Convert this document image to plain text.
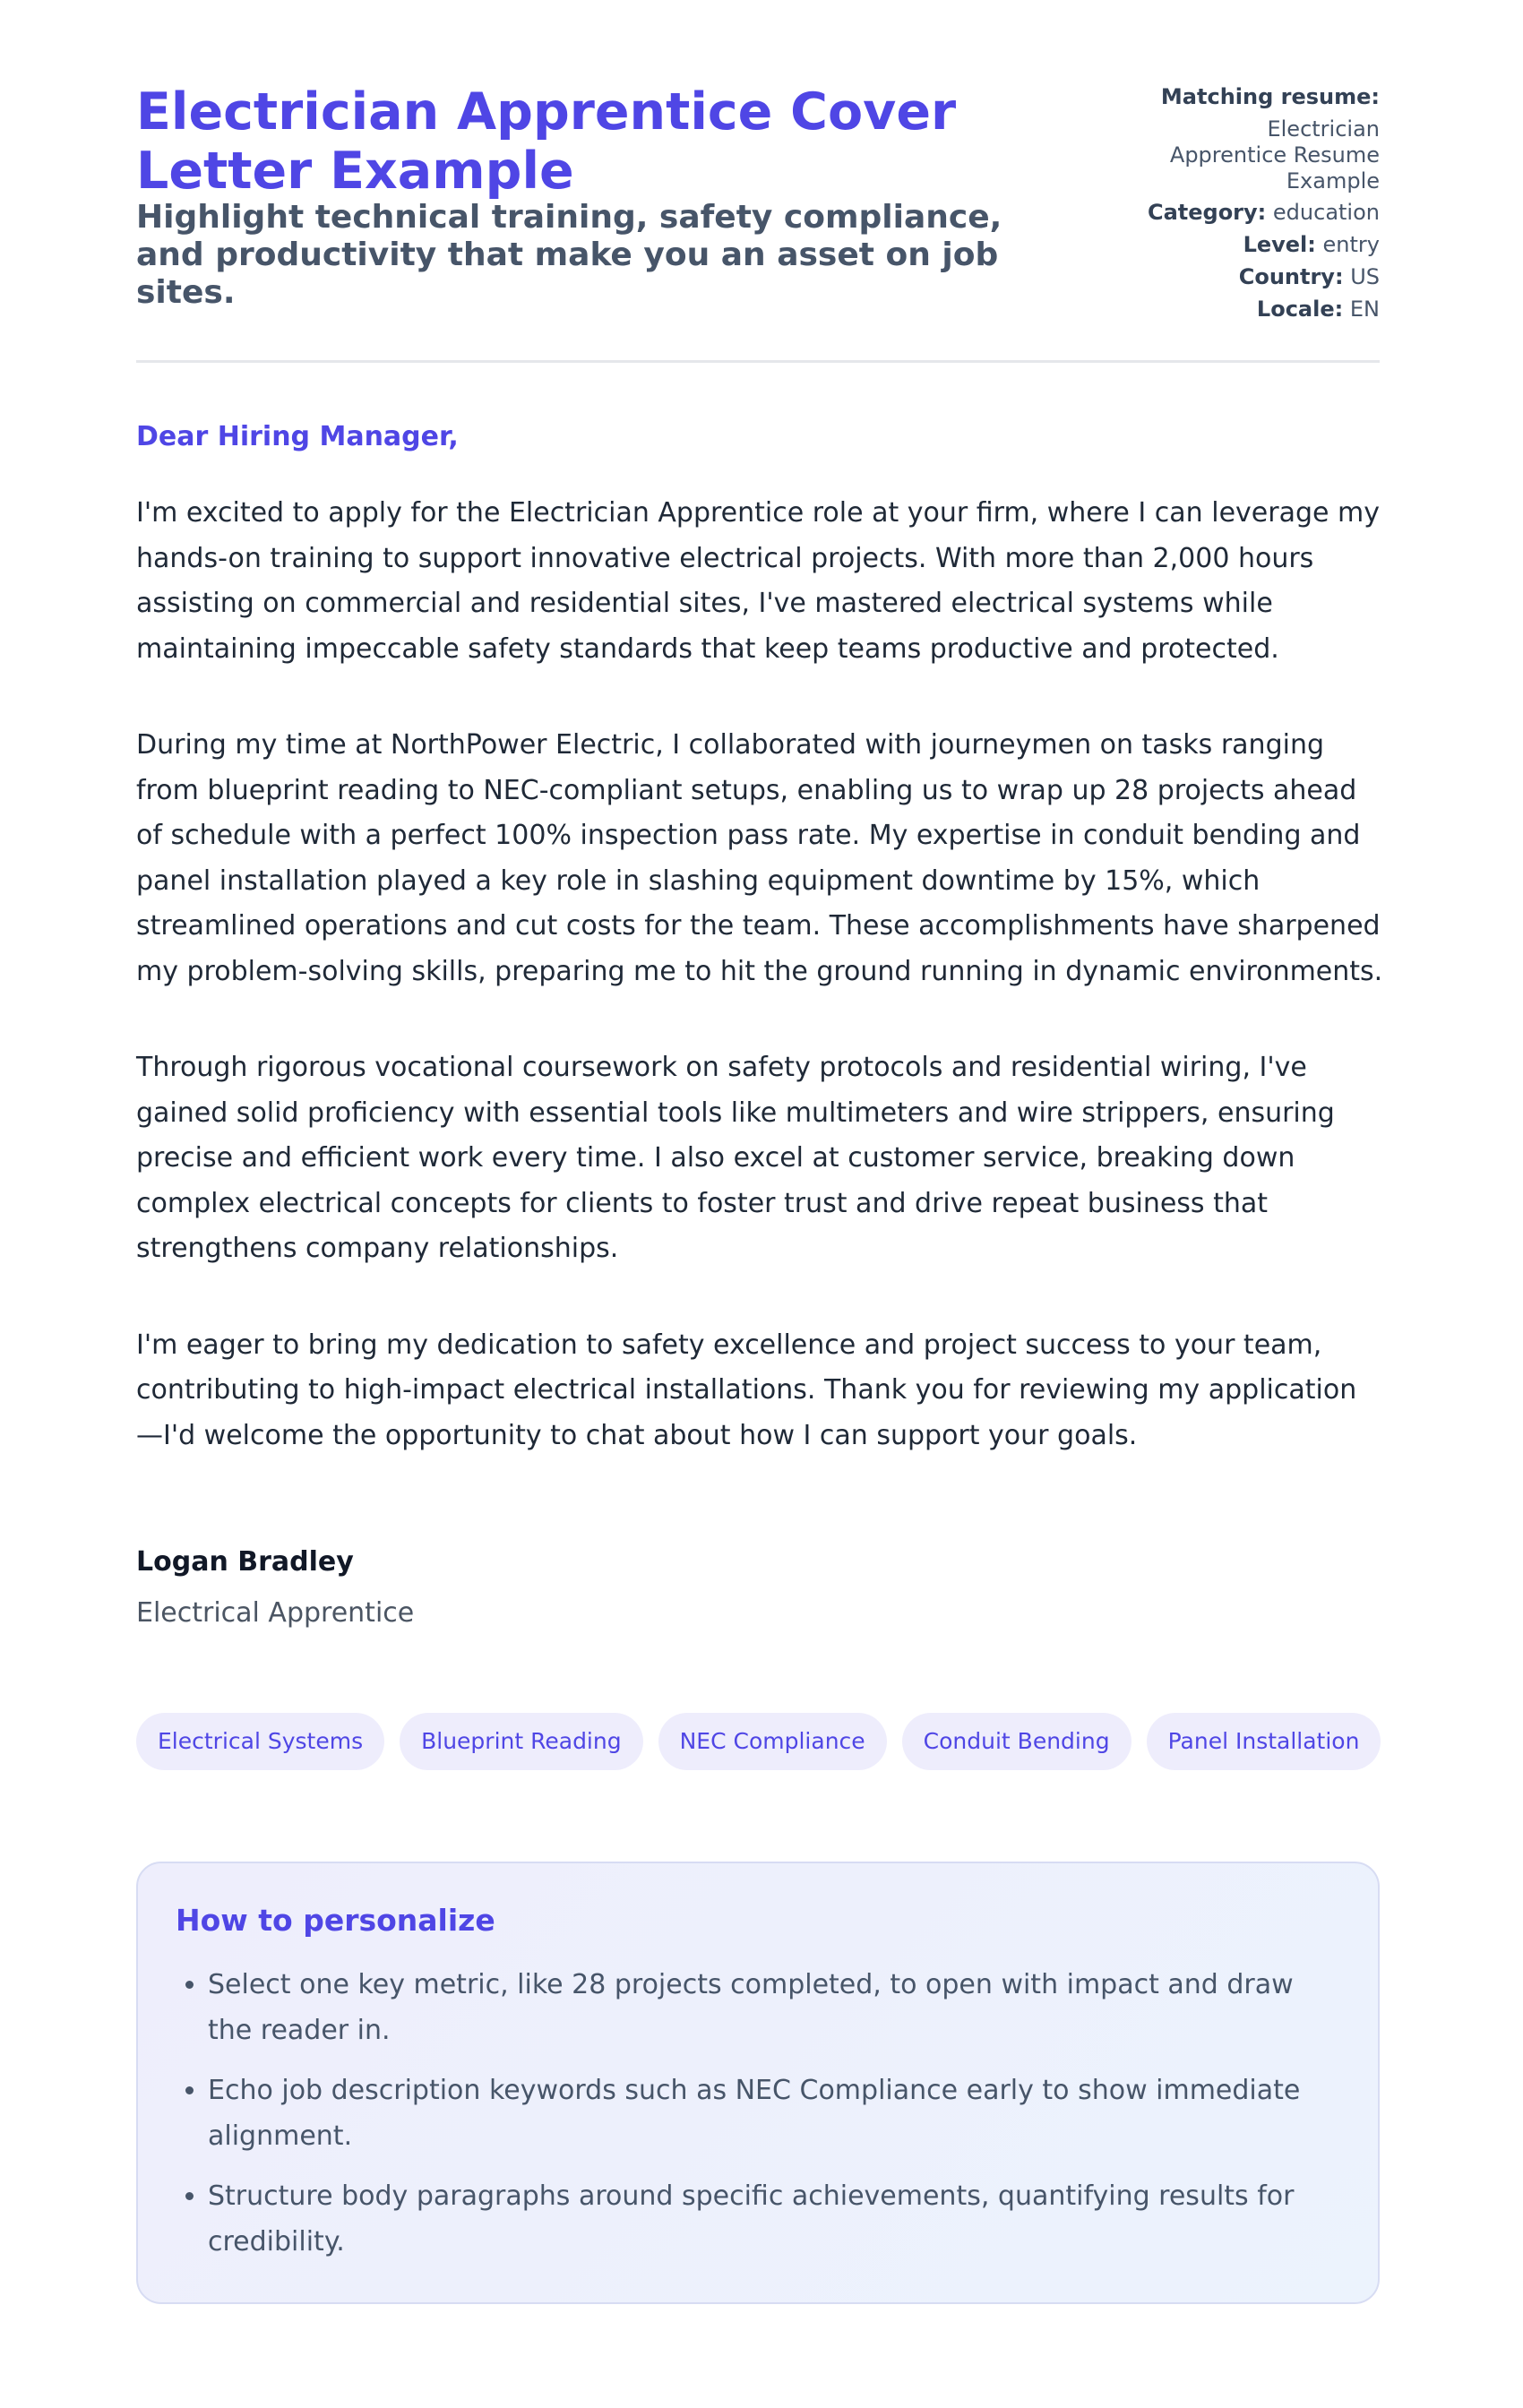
Electrician Apprentice Cover Letter Example
Highlight technical training, safety compliance, and productivity that make you an asset on job sites.
Matching resume:
Electrician Apprentice Resume Example
Category: education
Level: entry
Country: US
Locale: EN
Dear Hiring Manager,

I'm excited to apply for the Electrician Apprentice role at your firm, where I can leverage my hands-on training to support innovative electrical projects. With more than 2,000 hours assisting on commercial and residential sites, I've mastered electrical systems while maintaining impeccable safety standards that keep teams productive and protected.

During my time at NorthPower Electric, I collaborated with journeymen on tasks ranging from blueprint reading to NEC-compliant setups, enabling us to wrap up 28 projects ahead of schedule with a perfect 100% inspection pass rate. My expertise in conduit bending and panel installation played a key role in slashing equipment downtime by 15%, which streamlined operations and cut costs for the team. These accomplishments have sharpened my problem-solving skills, preparing me to hit the ground running in dynamic environments.

Through rigorous vocational coursework on safety protocols and residential wiring, I've gained solid proficiency with essential tools like multimeters and wire strippers, ensuring precise and efficient work every time. I also excel at customer service, breaking down complex electrical concepts for clients to foster trust and drive repeat business that strengthens company relationships.

I'm eager to bring my dedication to safety excellence and project success to your team, contributing to high-impact electrical installations. Thank you for reviewing my application—I'd welcome the opportunity to chat about how I can support your goals.

Logan Bradley
Electrical Apprentice
Electrical Systems	Blueprint Reading	NEC Compliance	Conduit Bending	Panel Installation
How to personalize
• Select one key metric, like 28 projects completed, to open with impact and draw the reader in.
• Echo job description keywords such as NEC Compliance early to show immediate alignment.
• Structure body paragraphs around specific achievements, quantifying results for credibility.
